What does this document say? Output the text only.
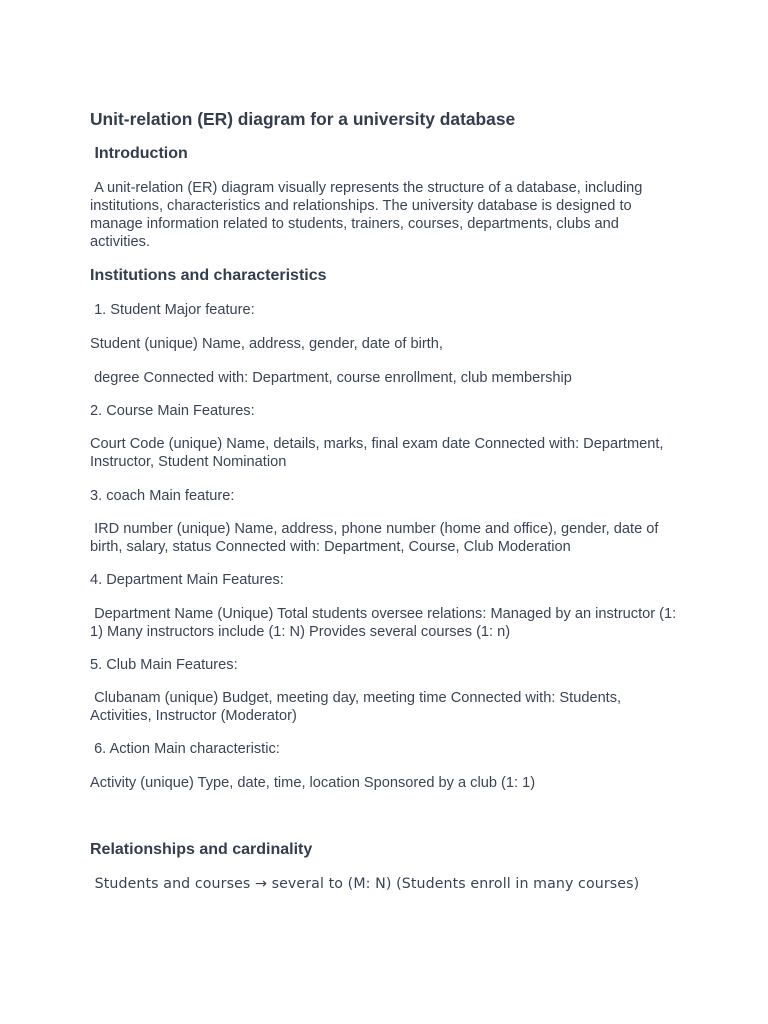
Unit-relation (ER) diagram for a university database

Introduction

A unit-relation (ER) diagram visually represents the structure of a database, including institutions, characteristics and relationships. The university database is designed to manage information related to students, trainers, courses, departments, clubs and activities.

Institutions and characteristics

1. Student Major feature:

Student (unique) Name, address, gender, date of birth,

degree Connected with: Department, course enrollment, club membership

2. Course Main Features:

Court Code (unique) Name, details, marks, final exam date Connected with: Department, Instructor, Student Nomination

3. coach Main feature:

IRD number (unique) Name, address, phone number (home and office), gender, date of birth, salary, status Connected with: Department, Course, Club Moderation

4. Department Main Features:

Department Name (Unique) Total students oversee relations: Managed by an instructor (1: 1) Many instructors include (1: N) Provides several courses (1: n)

5. Club Main Features:

Clubanam (unique) Budget, meeting day, meeting time Connected with: Students, Activities, Instructor (Moderator)

6. Action Main characteristic:

Activity (unique) Type, date, time, location Sponsored by a club (1: 1)

Relationships and cardinality

Students and courses → several to (M: N) (Students enroll in many courses)
